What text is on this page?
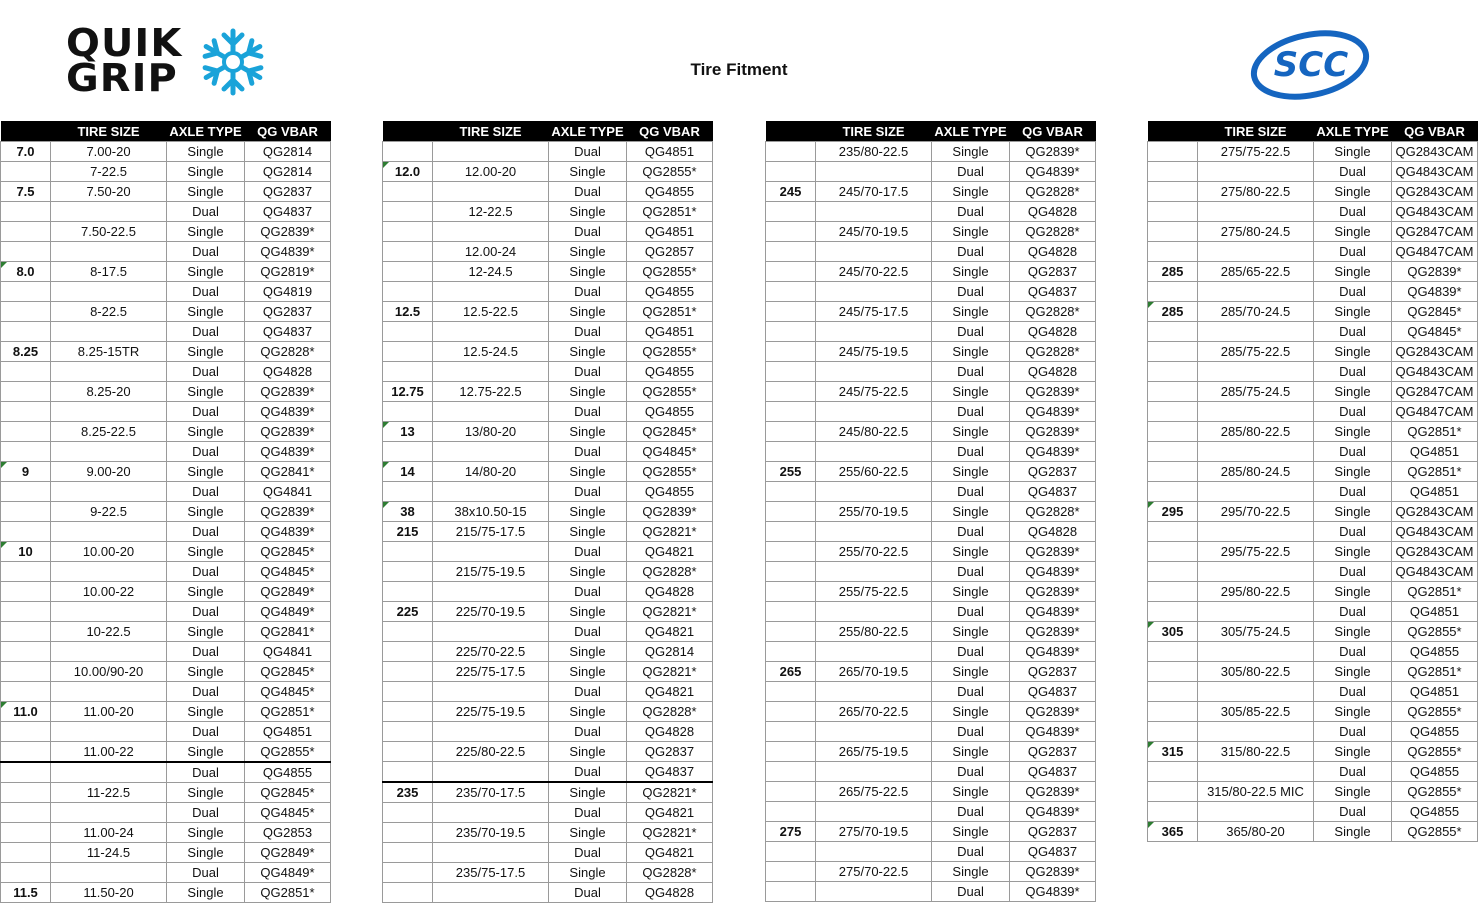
QUIK
GRIP	Tire Fitment	SCC
	TIRE SIZE	AXLE TYPE	QG VBAR
7.0	7.00-20	Single	QG2814
	7-22.5	Single	QG2814
7.5	7.50-20	Single	QG2837
		Dual	QG4837
	7.50-22.5	Single	QG2839*
		Dual	QG4839*
8.0	8-17.5	Single	QG2819*
		Dual	QG4819
	8-22.5	Single	QG2837
		Dual	QG4837
8.25	8.25-15TR	Single	QG2828*
		Dual	QG4828
	8.25-20	Single	QG2839*
		Dual	QG4839*
	8.25-22.5	Single	QG2839*
		Dual	QG4839*
9	9.00-20	Single	QG2841*
		Dual	QG4841
	9-22.5	Single	QG2839*
		Dual	QG4839*
10	10.00-20	Single	QG2845*
		Dual	QG4845*
	10.00-22	Single	QG2849*
		Dual	QG4849*
	10-22.5	Single	QG2841*
		Dual	QG4841
	10.00/90-20	Single	QG2845*
		Dual	QG4845*
11.0	11.00-20	Single	QG2851*
		Dual	QG4851
	11.00-22	Single	QG2855*
		Dual	QG4855
	11-22.5	Single	QG2845*
		Dual	QG4845*
	11.00-24	Single	QG2853
	11-24.5	Single	QG2849*
		Dual	QG4849*
11.5	11.50-20	Single	QG2851*
	TIRE SIZE	AXLE TYPE	QG VBAR
		Dual	QG4851
12.0	12.00-20	Single	QG2855*
		Dual	QG4855
	12-22.5	Single	QG2851*
		Dual	QG4851
	12.00-24	Single	QG2857
	12-24.5	Single	QG2855*
		Dual	QG4855
12.5	12.5-22.5	Single	QG2851*
		Dual	QG4851
	12.5-24.5	Single	QG2855*
		Dual	QG4855
12.75	12.75-22.5	Single	QG2855*
		Dual	QG4855
13	13/80-20	Single	QG2845*
		Dual	QG4845*
14	14/80-20	Single	QG2855*
		Dual	QG4855
38	38x10.50-15	Single	QG2839*
215	215/75-17.5	Single	QG2821*
		Dual	QG4821
	215/75-19.5	Single	QG2828*
		Dual	QG4828
225	225/70-19.5	Single	QG2821*
		Dual	QG4821
	225/70-22.5	Single	QG2814
	225/75-17.5	Single	QG2821*
		Dual	QG4821
	225/75-19.5	Single	QG2828*
		Dual	QG4828
	225/80-22.5	Single	QG2837
		Dual	QG4837
235	235/70-17.5	Single	QG2821*
		Dual	QG4821
	235/70-19.5	Single	QG2821*
		Dual	QG4821
	235/75-17.5	Single	QG2828*
		Dual	QG4828
	TIRE SIZE	AXLE TYPE	QG VBAR
	235/80-22.5	Single	QG2839*
		Dual	QG4839*
245	245/70-17.5	Single	QG2828*
		Dual	QG4828
	245/70-19.5	Single	QG2828*
		Dual	QG4828
	245/70-22.5	Single	QG2837
		Dual	QG4837
	245/75-17.5	Single	QG2828*
		Dual	QG4828
	245/75-19.5	Single	QG2828*
		Dual	QG4828
	245/75-22.5	Single	QG2839*
		Dual	QG4839*
	245/80-22.5	Single	QG2839*
		Dual	QG4839*
255	255/60-22.5	Single	QG2837
		Dual	QG4837
	255/70-19.5	Single	QG2828*
		Dual	QG4828
	255/70-22.5	Single	QG2839*
		Dual	QG4839*
	255/75-22.5	Single	QG2839*
		Dual	QG4839*
	255/80-22.5	Single	QG2839*
		Dual	QG4839*
265	265/70-19.5	Single	QG2837
		Dual	QG4837
	265/70-22.5	Single	QG2839*
		Dual	QG4839*
	265/75-19.5	Single	QG2837
		Dual	QG4837
	265/75-22.5	Single	QG2839*
		Dual	QG4839*
275	275/70-19.5	Single	QG2837
		Dual	QG4837
	275/70-22.5	Single	QG2839*
		Dual	QG4839*
	TIRE SIZE	AXLE TYPE	QG VBAR
	275/75-22.5	Single	QG2843CAM
		Dual	QG4843CAM
	275/80-22.5	Single	QG2843CAM
		Dual	QG4843CAM
	275/80-24.5	Single	QG2847CAM
		Dual	QG4847CAM
285	285/65-22.5	Single	QG2839*
		Dual	QG4839*
285	285/70-24.5	Single	QG2845*
		Dual	QG4845*
	285/75-22.5	Single	QG2843CAM
		Dual	QG4843CAM
	285/75-24.5	Single	QG2847CAM
		Dual	QG4847CAM
	285/80-22.5	Single	QG2851*
		Dual	QG4851
	285/80-24.5	Single	QG2851*
		Dual	QG4851
295	295/70-22.5	Single	QG2843CAM
		Dual	QG4843CAM
	295/75-22.5	Single	QG2843CAM
		Dual	QG4843CAM
	295/80-22.5	Single	QG2851*
		Dual	QG4851
305	305/75-24.5	Single	QG2855*
		Dual	QG4855
	305/80-22.5	Single	QG2851*
		Dual	QG4851
	305/85-22.5	Single	QG2855*
		Dual	QG4855
315	315/80-22.5	Single	QG2855*
		Dual	QG4855
	315/80-22.5 MIC	Single	QG2855*
		Dual	QG4855
365	365/80-20	Single	QG2855*
